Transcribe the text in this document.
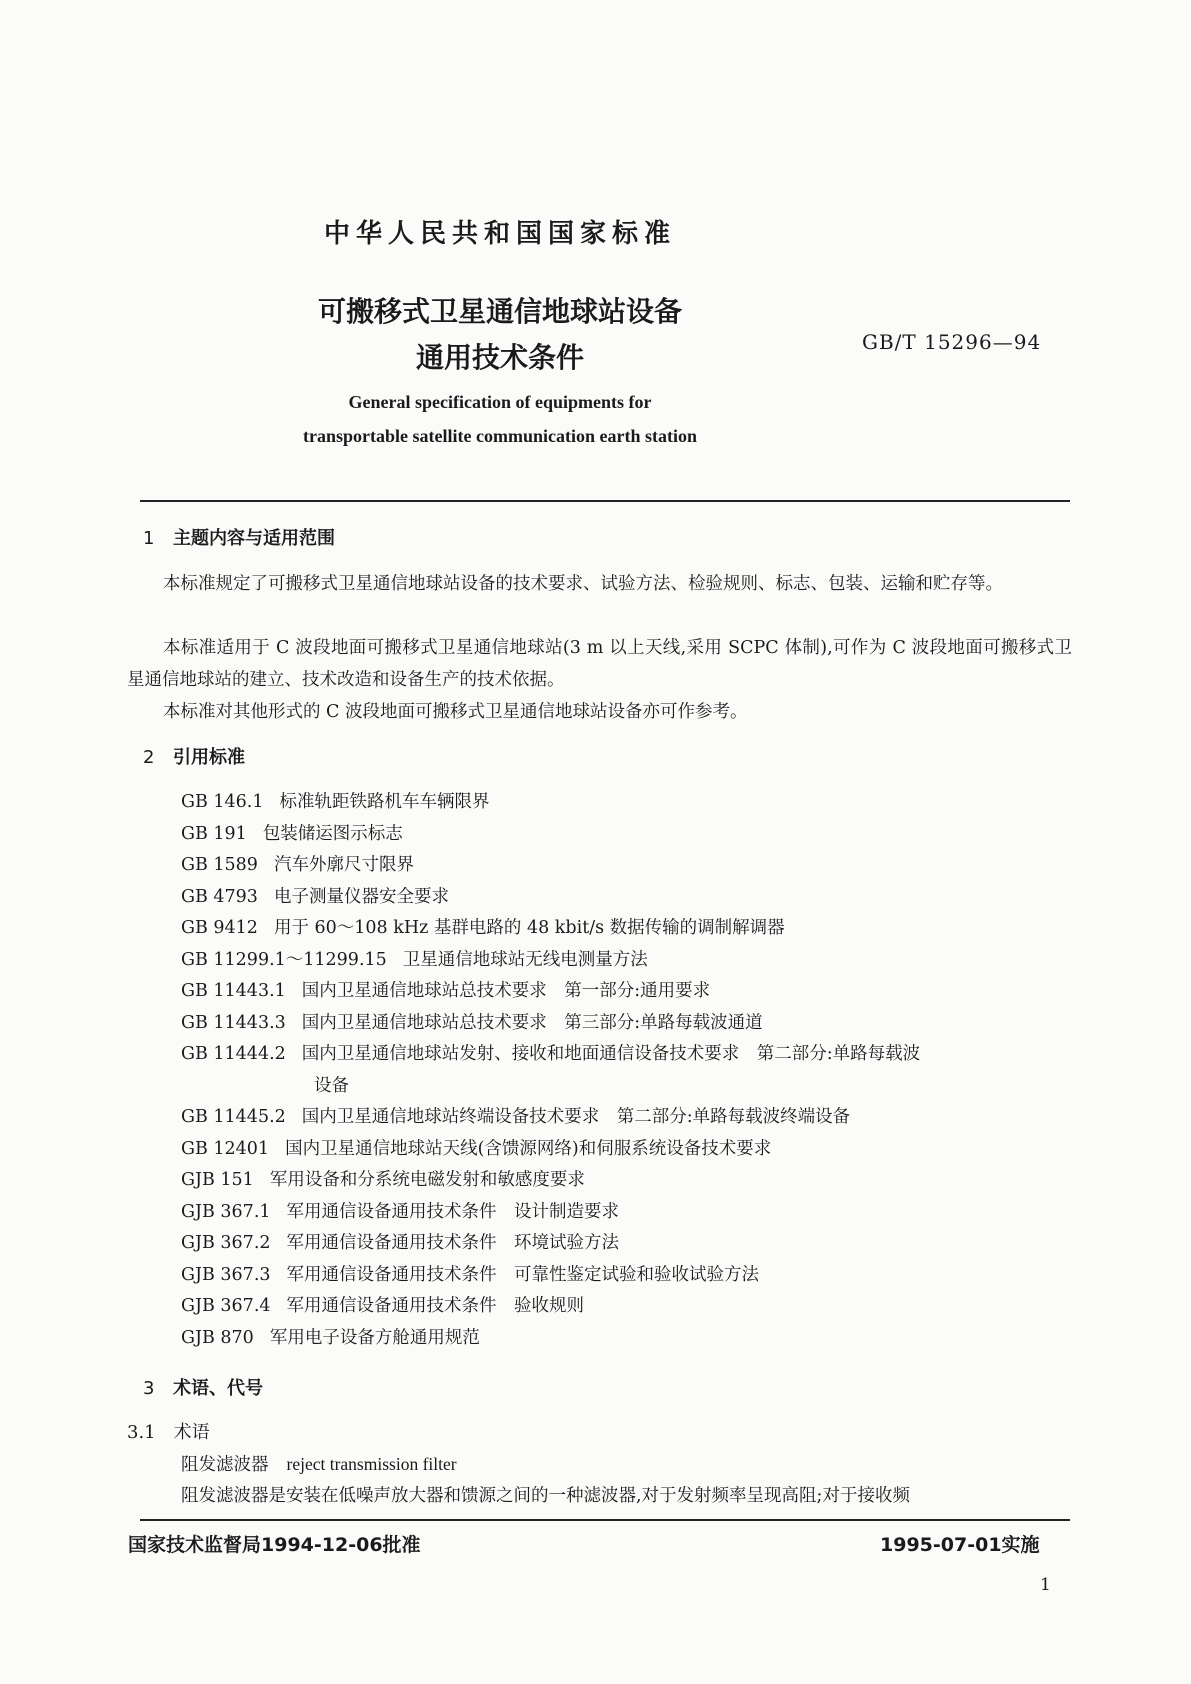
中华人民共和国国家标准
可搬移式卫星通信地球站设备
通用技术条件	GB/T 15296—94
General specification of equipments for
transportable satellite communication earth station
1 主题内容与适用范围
本标准规定了可搬移式卫星通信地球站设备的技术要求、试验方法、检验规则、标志、包装、运输和贮存等。
本标准适用于 C 波段地面可搬移式卫星通信地球站(3 m 以上天线,采用 SCPC 体制),可作为 C 波段地面可搬移式卫星通信地球站的建立、技术改造和设备生产的技术依据。
本标准对其他形式的 C 波段地面可搬移式卫星通信地球站设备亦可作参考。
2 引用标准
GB 146.1 标准轨距铁路机车车辆限界
GB 191 包装储运图示标志
GB 1589 汽车外廓尺寸限界
GB 4793 电子测量仪器安全要求
GB 9412 用于 60～108 kHz 基群电路的 48 kbit/s 数据传输的调制解调器
GB 11299.1～11299.15 卫星通信地球站无线电测量方法
GB 11443.1 国内卫星通信地球站总技术要求　第一部分:通用要求
GB 11443.3 国内卫星通信地球站总技术要求　第三部分:单路每载波通道
GB 11444.2 国内卫星通信地球站发射、接收和地面通信设备技术要求　第二部分:单路每载波
设备
GB 11445.2 国内卫星通信地球站终端设备技术要求　第二部分:单路每载波终端设备
GB 12401 国内卫星通信地球站天线(含馈源网络)和伺服系统设备技术要求
GJB 151 军用设备和分系统电磁发射和敏感度要求
GJB 367.1 军用通信设备通用技术条件　设计制造要求
GJB 367.2 军用通信设备通用技术条件　环境试验方法
GJB 367.3 军用通信设备通用技术条件　可靠性鉴定试验和验收试验方法
GJB 367.4 军用通信设备通用技术条件　验收规则
GJB 870 军用电子设备方舱通用规范
3 术语、代号
3.1 术语
阻发滤波器 reject transmission filter
阻发滤波器是安装在低噪声放大器和馈源之间的一种滤波器,对于发射频率呈现高阻;对于接收频
国家技术监督局1994-12-06批准	1995-07-01实施
1
